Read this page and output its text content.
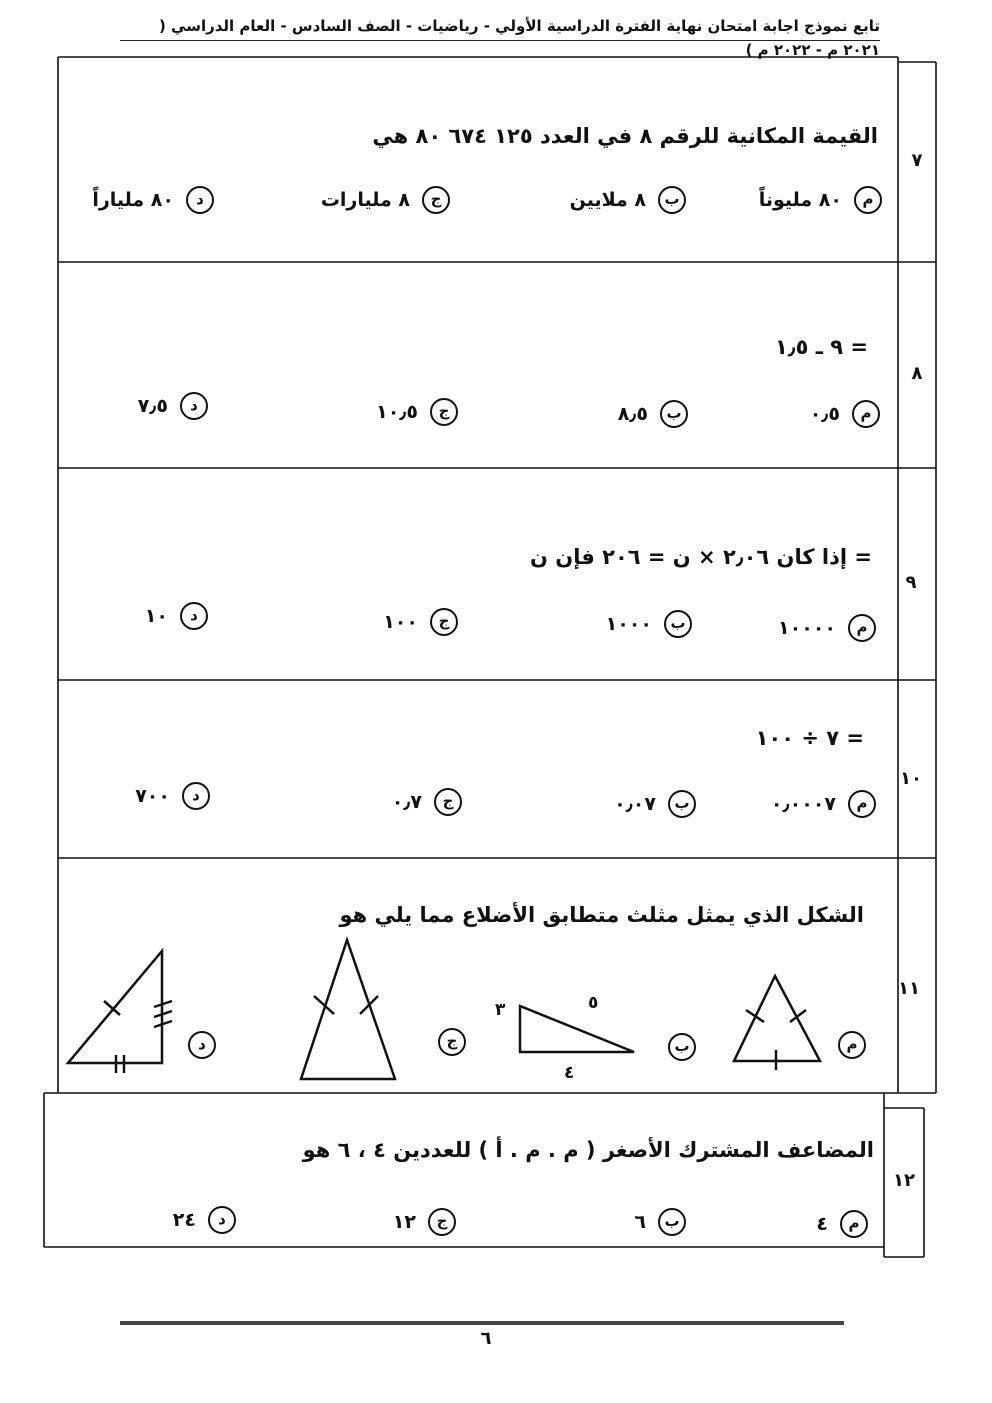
تابع نموذج اجابة امتحان نهاية الفترة الدراسية الأولي - رياضيات - الصف السادس - العام الدراسي ( ٢٠٢١ م - ٢٠٢٢ م )
٧
القيمة المكانية للرقم ٨ في العدد ١٢٥ ٦٧٤ ٨٠ هي
م٨٠ مليوناً
ب٨ ملايين
ج٨ مليارات
د٨٠ ملياراً
٨
٩ ـ ١٫٥ =
م٠٫٥
ب٨٫٥
ج١٠٫٥
د٧٫٥
٩
إذا كان ٢٫٠٦ × ن = ٢٠٦ فإن ن =
م١٠٠٠٠
ب١٠٠٠
ج١٠٠
د١٠
١٠
٧ ÷ ١٠٠ =
م٠٫٠٠٠٧
ب٠٫٠٧
ج٠٫٧
د٧٠٠
١١
الشكل الذي يمثل مثلث متطابق الأضلاع مما يلي هو
م
ب
٣	٥
٤
ج
د
١٢
المضاعف المشترك الأصغر ( م . م . أ ) للعددين ٤ ، ٦ هو
م٤
ب٦
ج١٢
د٢٤
٦
